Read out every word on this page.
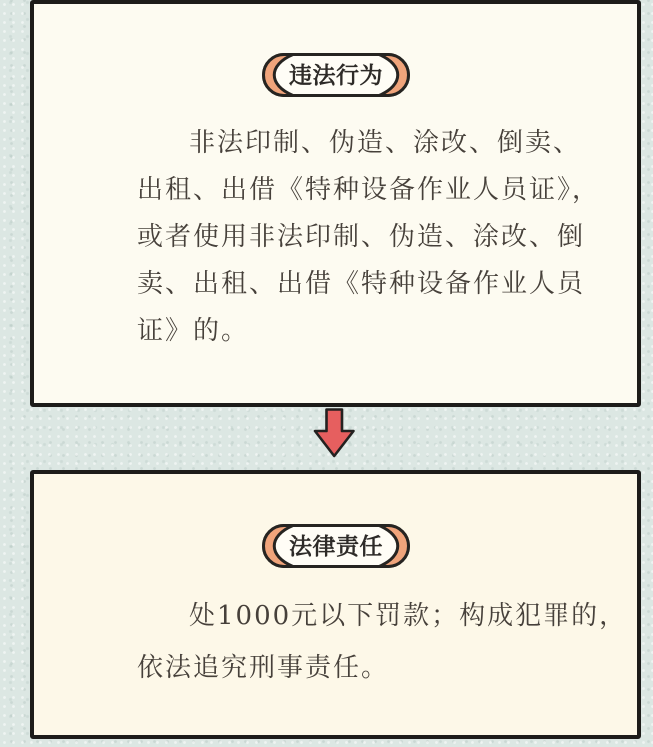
违法行为
非法印制、伪造、涂改、倒卖、
出租、出借《特种设备作业人员证》，
或者使用非法印制、伪造、涂改、倒
卖、出租、出借《特种设备作业人员
证》的。
法律责任
处1000元以下罚款；构成犯罪的，
依法追究刑事责任。
